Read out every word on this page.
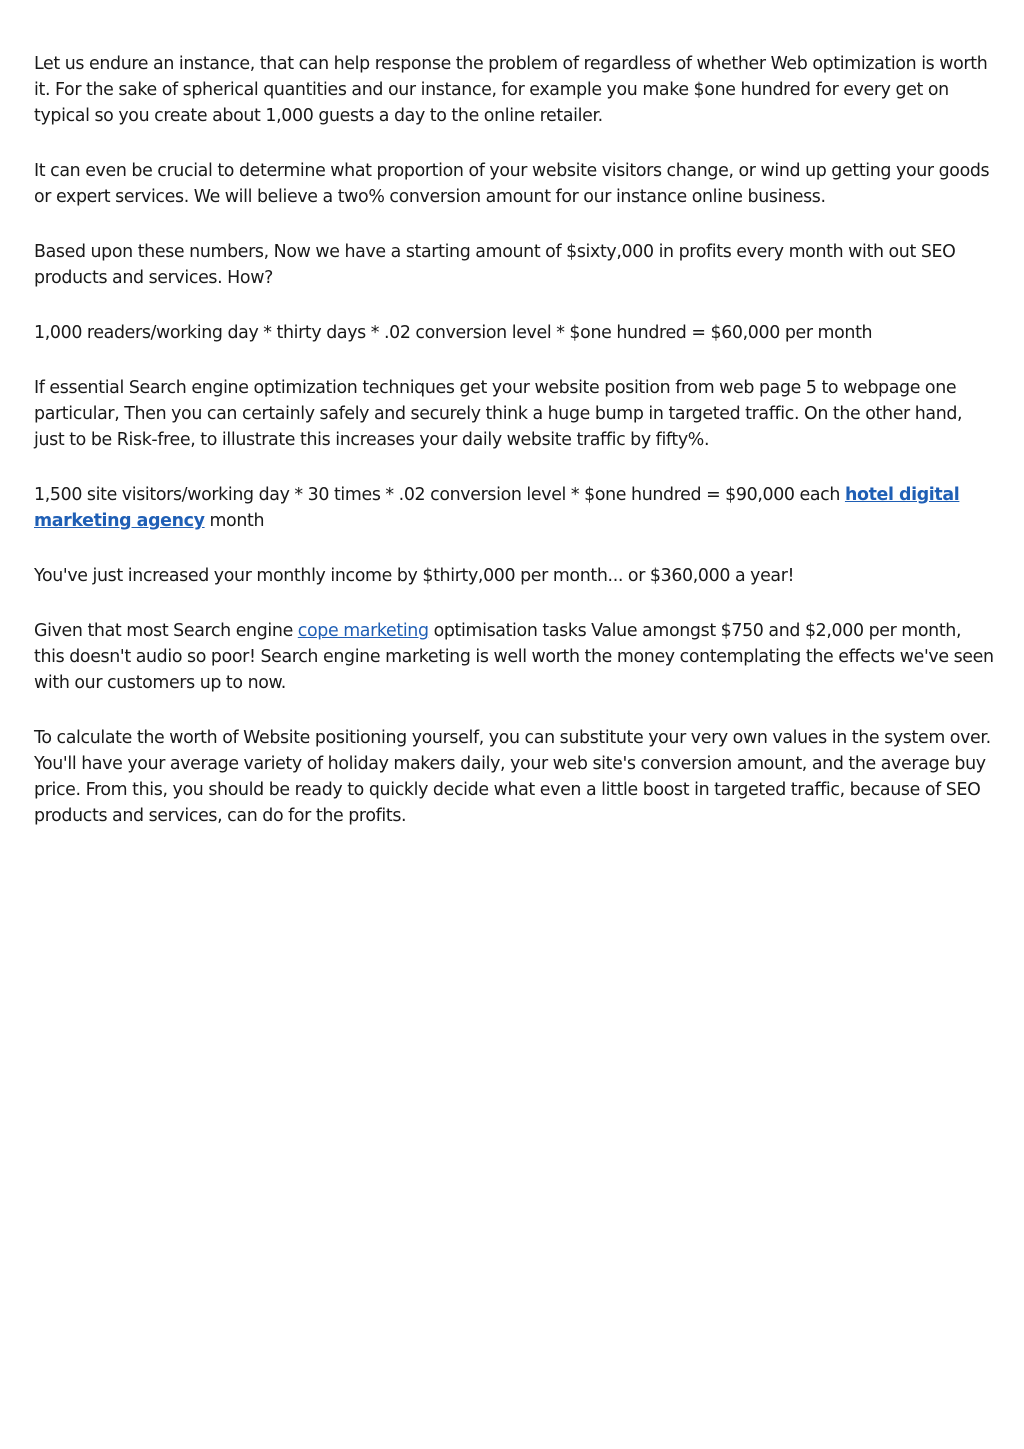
Let us endure an instance, that can help response the problem of regardless of whether Web optimization is worth it. For the sake of spherical quantities and our instance, for example you make $one hundred for every get on typical so you create about 1,000 guests a day to the online retailer.

It can even be crucial to determine what proportion of your website visitors change, or wind up getting your goods or expert services. We will believe a two% conversion amount for our instance online business.

Based upon these numbers, Now we have a starting amount of $sixty,000 in profits every month with out SEO products and services. How?

1,000 readers/working day * thirty days * .02 conversion level * $one hundred = $60,000 per month

If essential Search engine optimization techniques get your website position from web page 5 to webpage one particular, Then you can certainly safely and securely think a huge bump in targeted traffic. On the other hand, just to be Risk-free, to illustrate this increases your daily website traffic by fifty%.

1,500 site visitors/working day * 30 times * .02 conversion level * $one hundred = $90,000 each hotel digital marketing agency month

You've just increased your monthly income by $thirty,000 per month... or $360,000 a year!

Given that most Search engine cope marketing optimisation tasks Value amongst $750 and $2,000 per month, this doesn't audio so poor! Search engine marketing is well worth the money contemplating the effects we've seen with our customers up to now.

To calculate the worth of Website positioning yourself, you can substitute your very own values in the system over. You'll have your average variety of holiday makers daily, your web site's conversion amount, and the average buy price. From this, you should be ready to quickly decide what even a little boost in targeted traffic, because of SEO products and services, can do for the profits.
